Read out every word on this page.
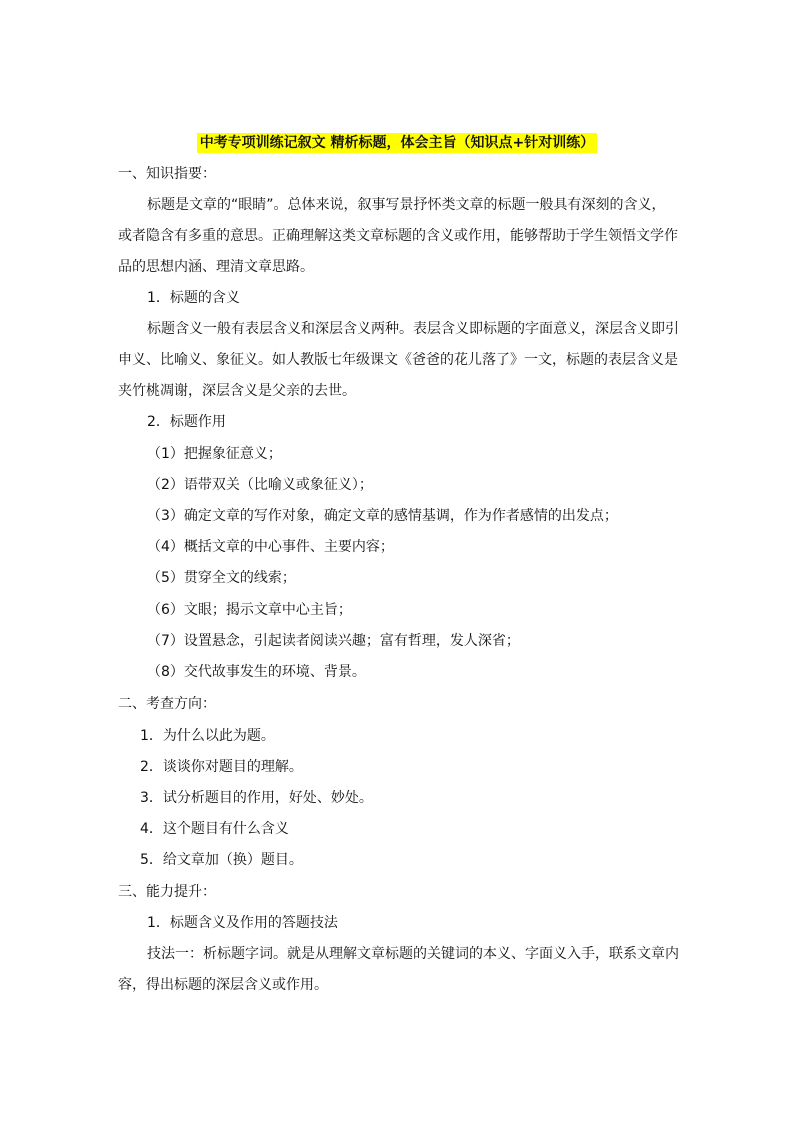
中考专项训练记叙文 精析标题，体会主旨（知识点+针对训练）
一、知识指要：
标题是文章的“眼睛”。总体来说，叙事写景抒怀类文章的标题一般具有深刻的含义，
或者隐含有多重的意思。正确理解这类文章标题的含义或作用，能够帮助于学生领悟文学作
品的思想内涵、理清文章思路。
1．标题的含义
标题含义一般有表层含义和深层含义两种。表层含义即标题的字面意义，深层含义即引
申义、比喻义、象征义。如人教版七年级课文《爸爸的花儿落了》一文，标题的表层含义是
夹竹桃凋谢，深层含义是父亲的去世。
2．标题作用
（1）把握象征意义；
（2）语带双关（比喻义或象征义）；
（3）确定文章的写作对象，确定文章的感情基调，作为作者感情的出发点；
（4）概括文章的中心事件、主要内容；
（5）贯穿全文的线索；
（6）文眼；揭示文章中心主旨；
（7）设置悬念，引起读者阅读兴趣；富有哲理，发人深省；
（8）交代故事发生的环境、背景。
二、考查方向：
1．为什么以此为题。
2．谈谈你对题目的理解。
3．试分析题目的作用，好处、妙处。
4．这个题目有什么含义
5．给文章加（换）题目。
三、能力提升：
1．标题含义及作用的答题技法
技法一：析标题字词。就是从理解文章标题的关键词的本义、字面义入手，联系文章内
容，得出标题的深层含义或作用。
